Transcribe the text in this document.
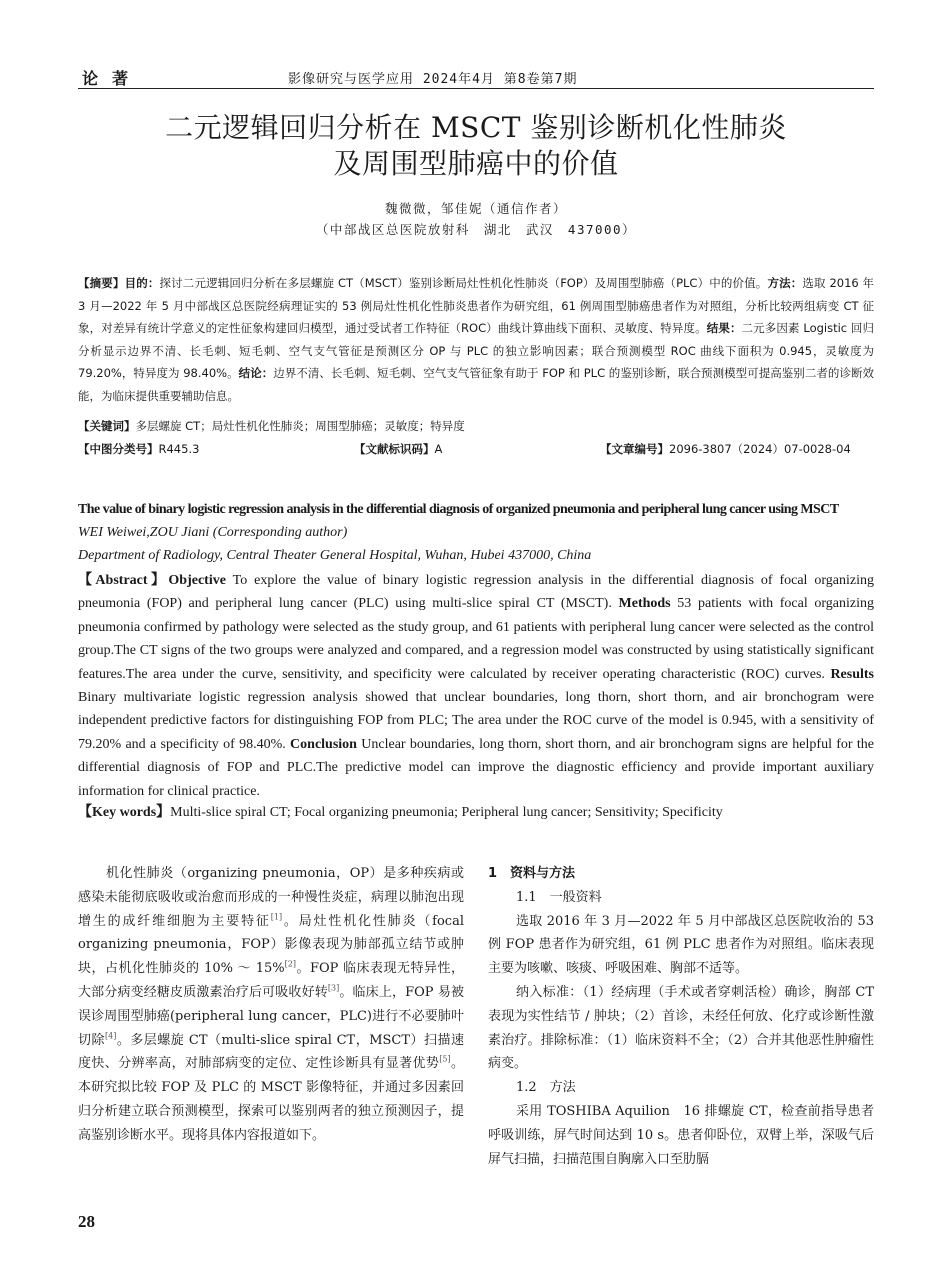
论著	影像研究与医学应用 2024年4月 第8卷第7期
二元逻辑回归分析在 MSCT 鉴别诊断机化性肺炎
及周围型肺癌中的价值
魏微微，邹佳妮（通信作者）
（中部战区总医院放射科　湖北　武汉　437000）
【摘要】目的：探讨二元逻辑回归分析在多层螺旋 CT（MSCT）鉴别诊断局灶性机化性肺炎（FOP）及周围型肺癌（PLC）中的价值。方法：选取 2016 年 3 月—2022 年 5 月中部战区总医院经病理证实的 53 例局灶性机化性肺炎患者作为研究组，61 例周围型肺癌患者作为对照组，分析比较两组病变 CT 征象，对差异有统计学意义的定性征象构建回归模型，通过受试者工作特征（ROC）曲线计算曲线下面积、灵敏度、特异度。结果：二元多因素 Logistic 回归分析显示边界不清、长毛刺、短毛刺、空气支气管征是预测区分 OP 与 PLC 的独立影响因素；联合预测模型 ROC 曲线下面积为 0.945，灵敏度为 79.20%，特异度为 98.40%。结论：边界不清、长毛刺、短毛刺、空气支气管征象有助于 FOP 和 PLC 的鉴别诊断，联合预测模型可提高鉴别二者的诊断效能，为临床提供重要辅助信息。
【关键词】多层螺旋 CT；局灶性机化性肺炎；周围型肺癌；灵敏度；特异度
【中图分类号】R445.3	【文献标识码】A	【文章编号】2096-3807（2024）07-0028-04
The value of binary logistic regression analysis in the differential diagnosis of organized pneumonia and peripheral lung cancer using MSCT
WEI Weiwei,ZOU Jiani (Corresponding author)
Department of Radiology, Central Theater General Hospital, Wuhan, Hubei 437000, China
【Abstract】Objective To explore the value of binary logistic regression analysis in the differential diagnosis of focal organizing pneumonia (FOP) and peripheral lung cancer (PLC) using multi-slice spiral CT (MSCT). Methods 53 patients with focal organizing pneumonia confirmed by pathology were selected as the study group, and 61 patients with peripheral lung cancer were selected as the control group.The CT signs of the two groups were analyzed and compared, and a regression model was constructed by using statistically significant features.The area under the curve, sensitivity, and specificity were calculated by receiver operating characteristic (ROC) curves. Results Binary multivariate logistic regression analysis showed that unclear boundaries, long thorn, short thorn, and air bronchogram were independent predictive factors for distinguishing FOP from PLC; The area under the ROC curve of the model is 0.945, with a sensitivity of 79.20% and a specificity of 98.40%. Conclusion Unclear boundaries, long thorn, short thorn, and air bronchogram signs are helpful for the differential diagnosis of FOP and PLC.The predictive model can improve the diagnostic efficiency and provide important auxiliary information for clinical practice.
【Key words】Multi-slice spiral CT; Focal organizing pneumonia; Peripheral lung cancer; Sensitivity; Specificity

机化性肺炎（organizing pneumonia，OP）是多种疾病或感染未能彻底吸收或治愈而形成的一种慢性炎症，病理以肺泡出现增生的成纤维细胞为主要特征[1]。局灶性机化性肺炎（focal organizing pneumonia，FOP）影像表现为肺部孤立结节或肿块，占机化性肺炎的 10% ～ 15%[2]。FOP 临床表现无特异性，大部分病变经糖皮质激素治疗后可吸收好转[3]。临床上，FOP 易被误诊周围型肺癌(peripheral lung cancer，PLC)进行不必要肺叶切除[4]。多层螺旋 CT（multi-slice spiral CT，MSCT）扫描速度快、分辨率高，对肺部病变的定位、定性诊断具有显著优势[5]。本研究拟比较 FOP 及 PLC 的 MSCT 影像特征，并通过多因素回归分析建立联合预测模型，探索可以鉴别两者的独立预测因子，提高鉴别诊断水平。现将具体内容报道如下。

1　资料与方法

1.1　一般资料

选取 2016 年 3 月—2022 年 5 月中部战区总医院收治的 53 例 FOP 患者作为研究组，61 例 PLC 患者作为对照组。临床表现主要为咳嗽、咳痰、呼吸困难、胸部不适等。

纳入标准：（1）经病理（手术或者穿刺活检）确诊，胸部 CT 表现为实性结节 / 肿块；（2）首诊，未经任何放、化疗或诊断性激素治疗。排除标准：（1）临床资料不全；（2）合并其他恶性肿瘤性病变。

1.2　方法

采用 TOSHIBA Aquilion　16 排螺旋 CT，检查前指导患者呼吸训练，屏气时间达到 10 s。患者仰卧位，双臂上举，深吸气后屏气扫描，扫描范围自胸廓入口至肋膈

28
